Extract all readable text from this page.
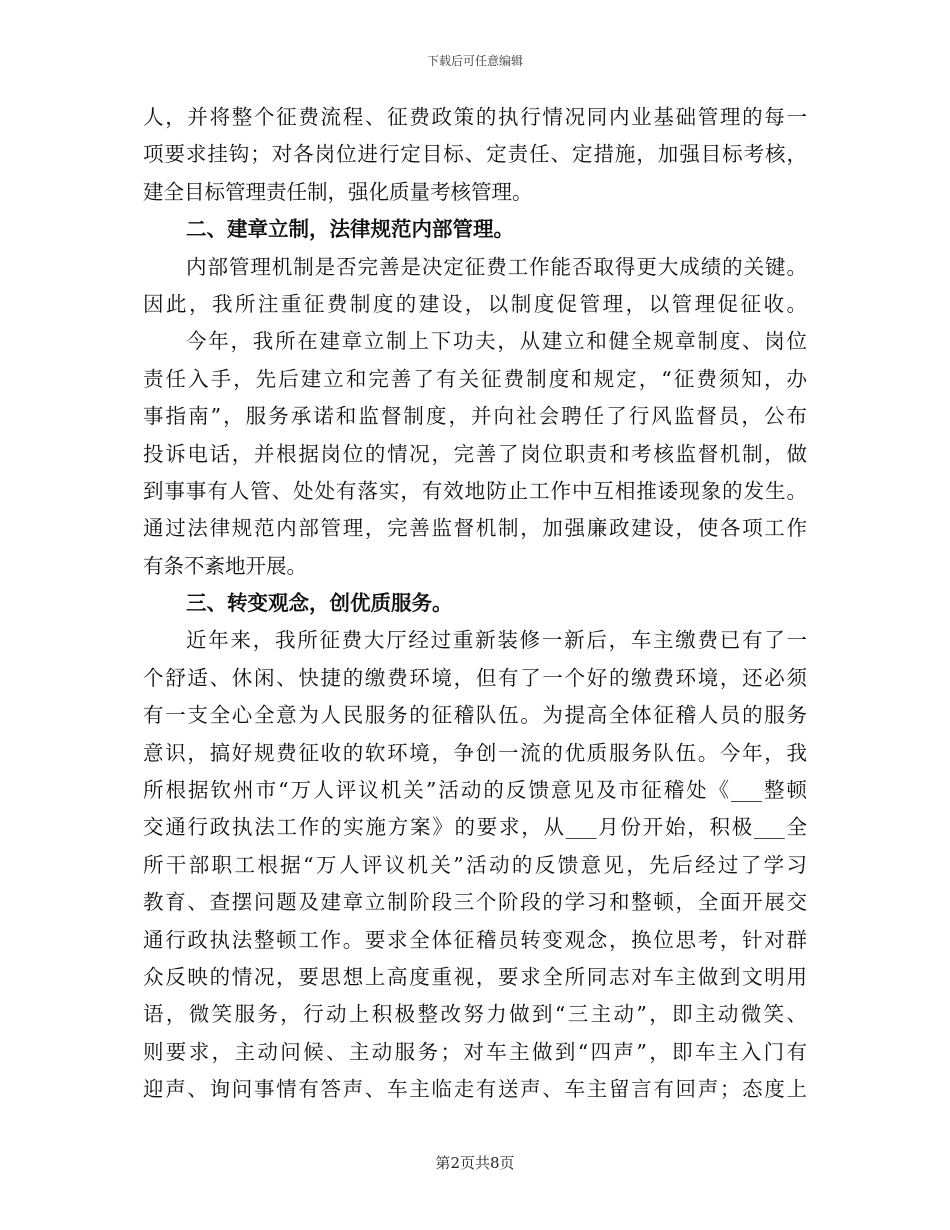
下载后可任意编辑
人，并将整个征费流程、征费政策的执行情况同内业基础管理的每一
项要求挂钩；对各岗位进行定目标、定责任、定措施，加强目标考核，
建全目标管理责任制，强化质量考核管理。
二、建章立制，法律规范内部管理。
内部管理机制是否完善是决定征费工作能否取得更大成绩的关键。
因此，我所注重征费制度的建设，以制度促管理，以管理促征收。
今年，我所在建章立制上下功夫，从建立和健全规章制度、岗位
责任入手，先后建立和完善了有关征费制度和规定，“征费须知，办
事指南”，服务承诺和监督制度，并向社会聘任了行风监督员，公布
投诉电话，并根据岗位的情况，完善了岗位职责和考核监督机制，做
到事事有人管、处处有落实，有效地防止工作中互相推诿现象的发生。
通过法律规范内部管理，完善监督机制，加强廉政建设，使各项工作
有条不紊地开展。
三、转变观念，创优质服务。
近年来，我所征费大厅经过重新装修一新后，车主缴费已有了一
个舒适、休闲、快捷的缴费环境，但有了一个好的缴费环境，还必须
有一支全心全意为人民服务的征稽队伍。为提高全体征稽人员的服务
意识，搞好规费征收的软环境，争创一流的优质服务队伍。今年，我
所根据钦州市“万人评议机关”活动的反馈意见及市征稽处《___整顿
交通行政执法工作的实施方案》的要求，从___月份开始，积极___全
所干部职工根据“万人评议机关”活动的反馈意见，先后经过了学习
教育、查摆问题及建章立制阶段三个阶段的学习和整顿，全面开展交
通行政执法整顿工作。要求全体征稽员转变观念，换位思考，针对群
众反映的情况，要思想上高度重视，要求全所同志对车主做到文明用
语，微笑服务，行动上积极整改努力做到“三主动”，即主动微笑、
则要求，主动问候、主动服务；对车主做到“四声”，即车主入门有
迎声、询问事情有答声、车主临走有送声、车主留言有回声；态度上
第2页共8页
